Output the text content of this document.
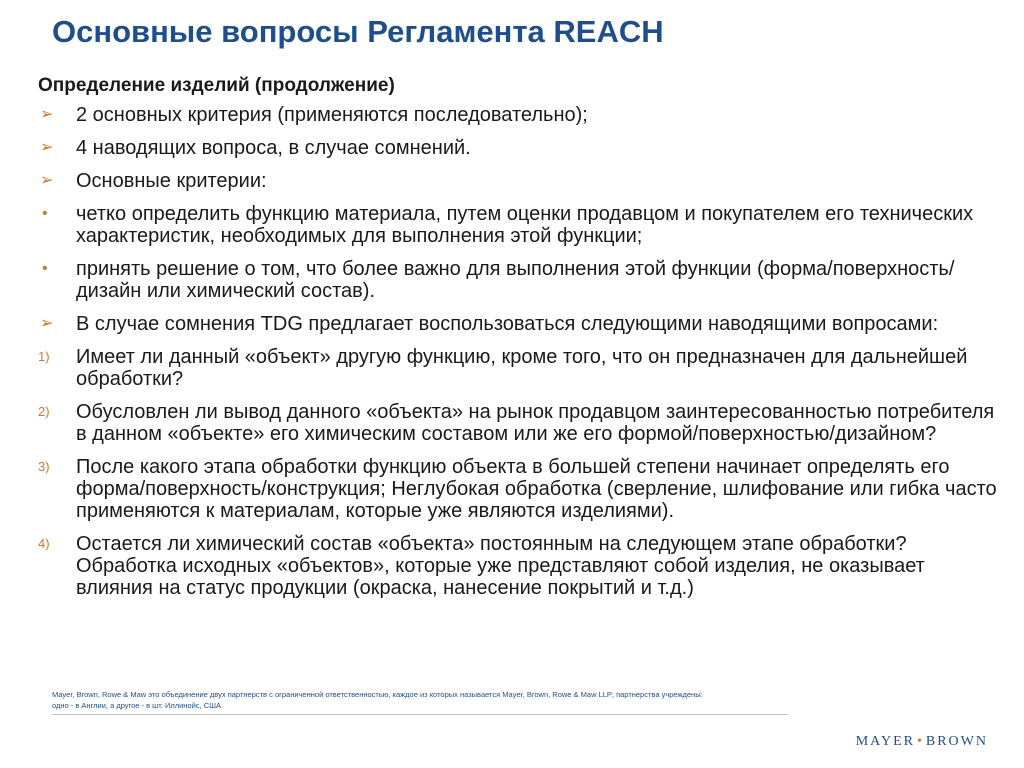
Основные вопросы Регламента REACH
Определение изделий (продолжение)
➢ 2 основных критерия (применяются последовательно);
➢ 4 наводящих вопроса, в случае сомнений.
➢ Основные критерии:
• четко определить функцию материала, путем оценки продавцом и покупателем его технических характеристик, необходимых для выполнения этой функции;
• принять решение о том, что более важно для выполнения этой функции (форма/поверхность/дизайн или химический состав).
➢ В случае сомнения TDG предлагает воспользоваться следующими наводящими вопросами:
1) Имеет ли данный «объект» другую функцию, кроме того, что он предназначен для дальнейшей обработки?
2) Обусловлен ли вывод данного «объекта» на рынок продавцом заинтересованностью потребителя в данном «объекте» его химическим составом или же его формой/поверхностью/дизайном?
3) После какого этапа обработки функцию объекта в большей степени начинает определять его форма/поверхность/конструкция; Неглубокая обработка (сверление, шлифование или гибка часто применяются к материалам, которые уже являются изделиями).
4) Остается ли химический состав «объекта» постоянным на следующем этапе обработки? Обработка исходных «объектов», которые уже представляют собой изделия, не оказывает влияния на статус продукции (окраска, нанесение покрытий и т.д.)
Mayer, Brown, Rowe & Maw это объединение двух партнерств с ограниченной ответственностью, каждое из которых называется Mayer, Brown, Rowe & Maw LLP; партнерства учреждены:
одно - в Англии, а другое - в шт. Иллинойс, США
MAYER • BROWN
